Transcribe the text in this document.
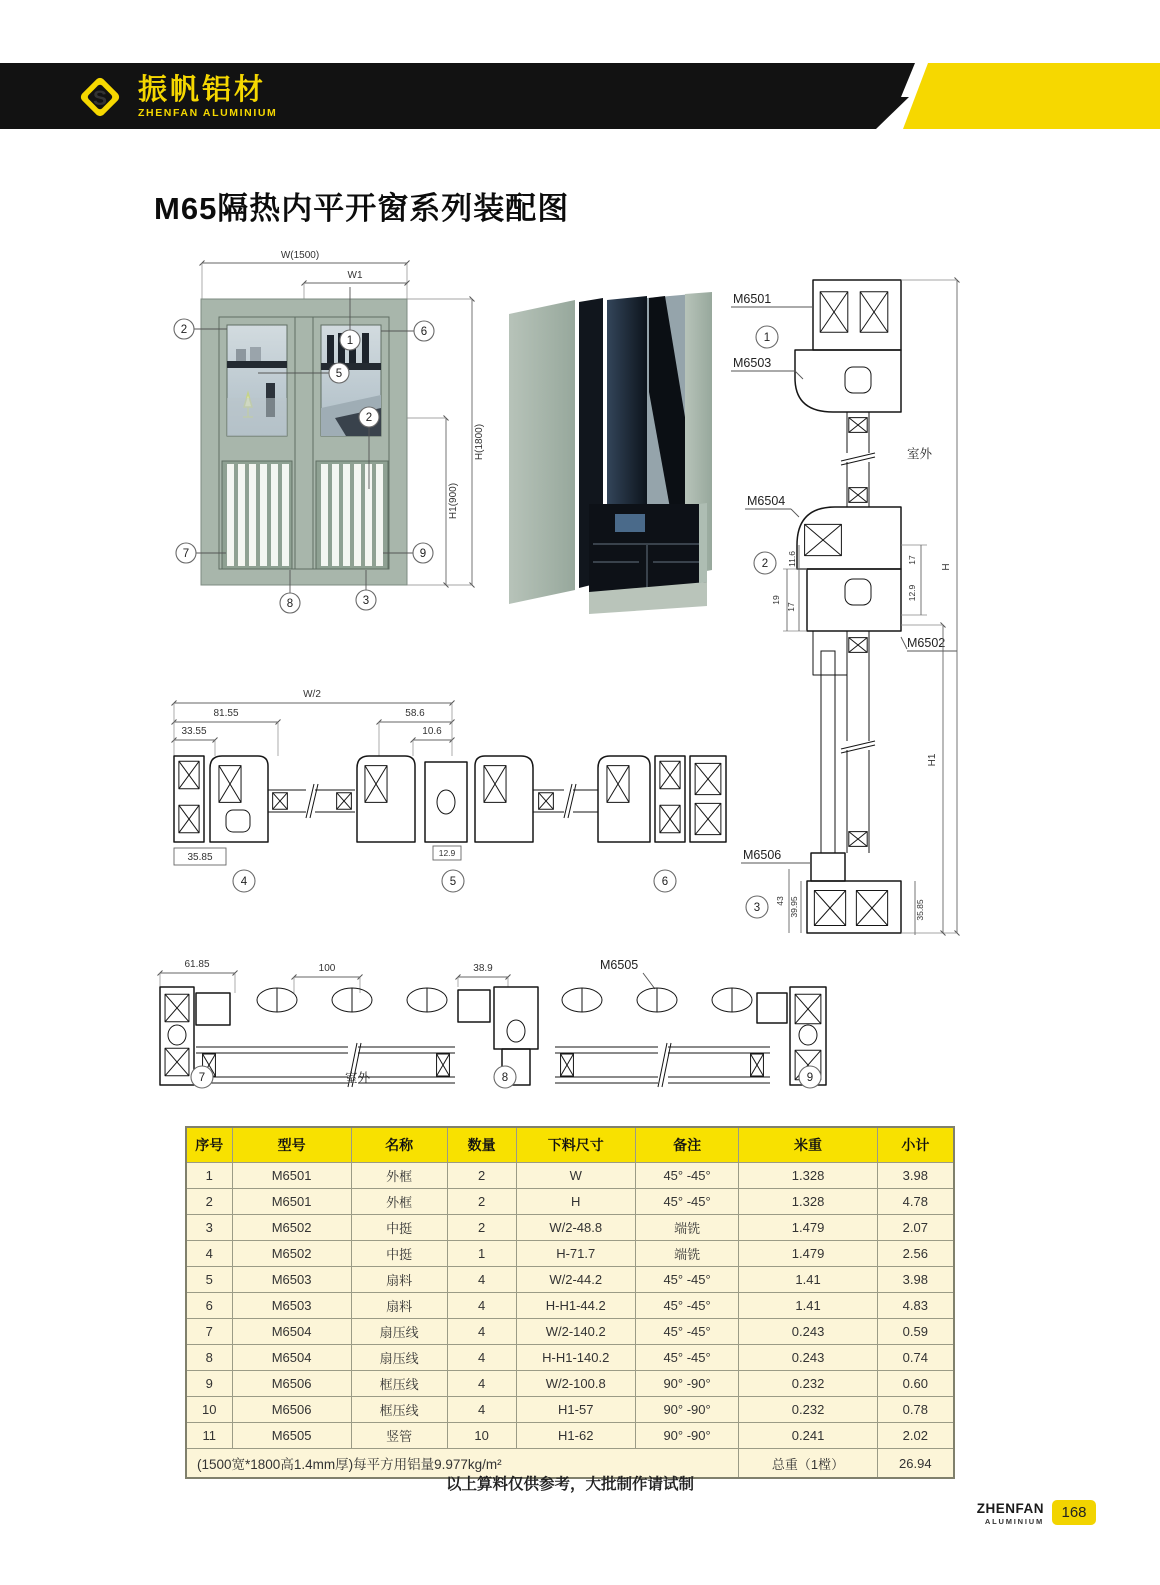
S 振帆铝材
ZHENFAN ALUMINIUM
M65隔热内平开窗系列装配图
W(1500)
W1
H(1800)
H1(900)
2	6
1
5
2
7	9
8	3
M6501
1
M6503
室外
M6504
2
19
17
11.6	17
12.9
M6502
M6506
3
43 39.95	35.85
H
H1
W/2
81.55	58.6
33.55	10.6
35.85
4
12.9
5	6
61.85	100	38.9	M6505
7	室外	8	9
序号	型号	名称	数量	下料尺寸	备注	米重	小计
1	M6501	外框	2	W	45° -45°	1.328	3.98
2	M6501	外框	2	H	45° -45°	1.328	4.78
3	M6502	中挺	2	W/2-48.8	端铣	1.479	2.07
4	M6502	中挺	1	H-71.7	端铣	1.479	2.56
5	M6503	扇料	4	W/2-44.2	45° -45°	1.41	3.98
6	M6503	扇料	4	H-H1-44.2	45° -45°	1.41	4.83
7	M6504	扇压线	4	W/2-140.2	45° -45°	0.243	0.59
8	M6504	扇压线	4	H-H1-140.2	45° -45°	0.243	0.74
9	M6506	框压线	4	W/2-100.8	90° -90°	0.232	0.60
10	M6506	框压线	4	H1-57	90° -90°	0.232	0.78
11	M6505	竖管	10	H1-62	90° -90°	0.241	2.02
(1500宽*1800高1.4mm厚)每平方用铝量9.977kg/m²						总重（1樘）	26.94
以上算料仅供参考，大批制作请试制
ZHENFAN
ALUMINIUM	168
